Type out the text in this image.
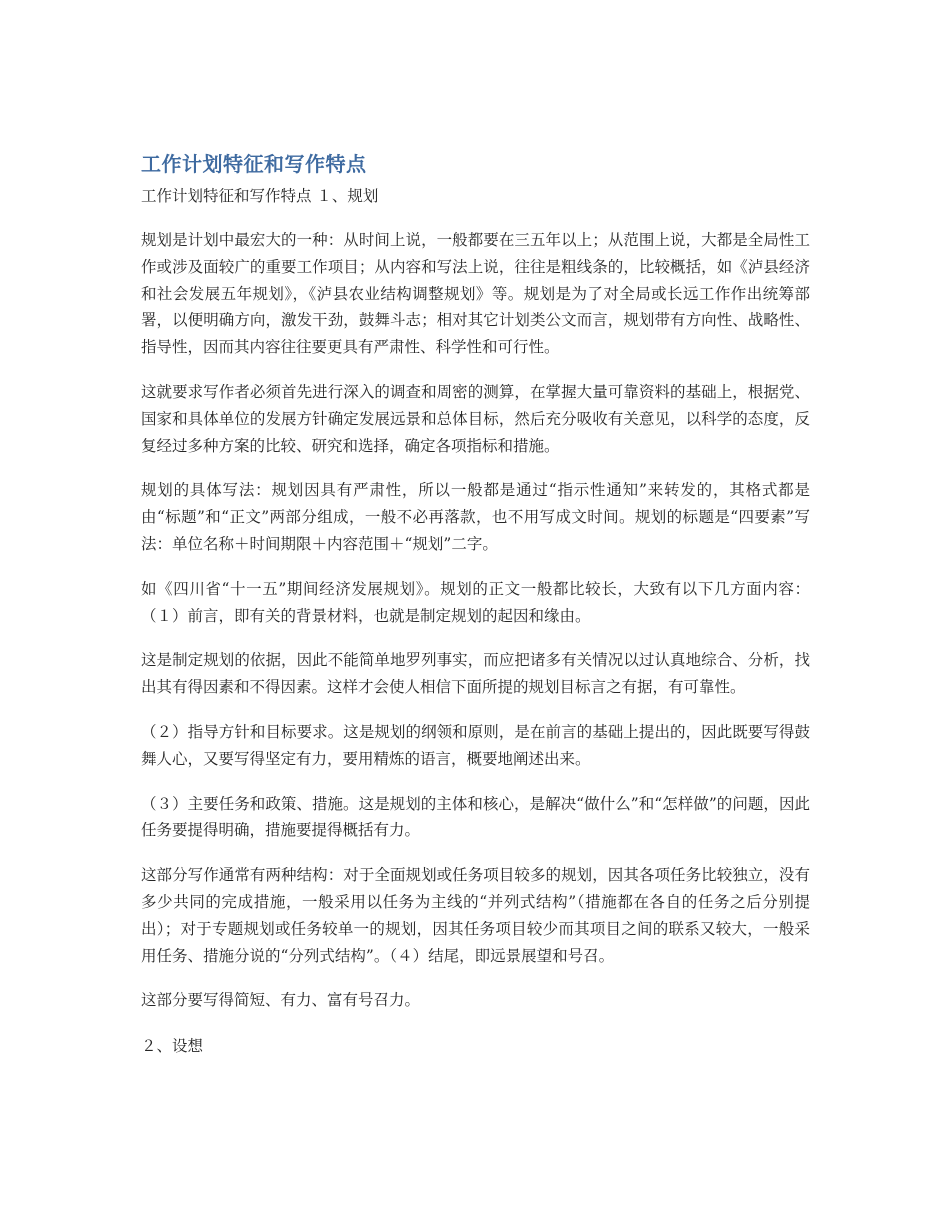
工作计划特征和写作特点

工作计划特征和写作特点 １、规划

规划是计划中最宏大的一种：从时间上说，一般都要在三五年以上；从范围上说，大都是全局性工作或涉及面较广的重要工作项目；从内容和写法上说，往往是粗线条的，比较概括，如《泸县经济和社会发展五年规划》，《泸县农业结构调整规划》等。规划是为了对全局或长远工作作出统筹部署，以便明确方向，激发干劲，鼓舞斗志；相对其它计划类公文而言，规划带有方向性、战略性、指导性，因而其内容往往要更具有严肃性、科学性和可行性。

这就要求写作者必须首先进行深入的调查和周密的测算，在掌握大量可靠资料的基础上，根据党、国家和具体单位的发展方针确定发展远景和总体目标，然后充分吸收有关意见，以科学的态度，反复经过多种方案的比较、研究和选择，确定各项指标和措施。

规划的具体写法：规划因具有严肃性，所以一般都是通过“指示性通知”来转发的，其格式都是由“标题”和“正文”两部分组成，一般不必再落款，也不用写成文时间。规划的标题是“四要素”写法：单位名称＋时间期限＋内容范围＋“规划”二字。

如《四川省“十一五”期间经济发展规划》。规划的正文一般都比较长，大致有以下几方面内容：（１）前言，即有关的背景材料，也就是制定规划的起因和缘由。

这是制定规划的依据，因此不能简单地罗列事实，而应把诸多有关情况以过认真地综合、分析，找出其有得因素和不得因素。这样才会使人相信下面所提的规划目标言之有据，有可靠性。

（２）指导方针和目标要求。这是规划的纲领和原则，是在前言的基础上提出的，因此既要写得鼓舞人心，又要写得坚定有力，要用精炼的语言，概要地阐述出来。

（３）主要任务和政策、措施。这是规划的主体和核心，是解决“做什么”和“怎样做”的问题，因此任务要提得明确，措施要提得概括有力。

这部分写作通常有两种结构：对于全面规划或任务项目较多的规划，因其各项任务比较独立，没有多少共同的完成措施，一般采用以任务为主线的“并列式结构”（措施都在各自的任务之后分别提出）；对于专题规划或任务较单一的规划，因其任务项目较少而其项目之间的联系又较大，一般采用任务、措施分说的“分列式结构”。（４）结尾，即远景展望和号召。

这部分要写得简短、有力、富有号召力。

２、设想
